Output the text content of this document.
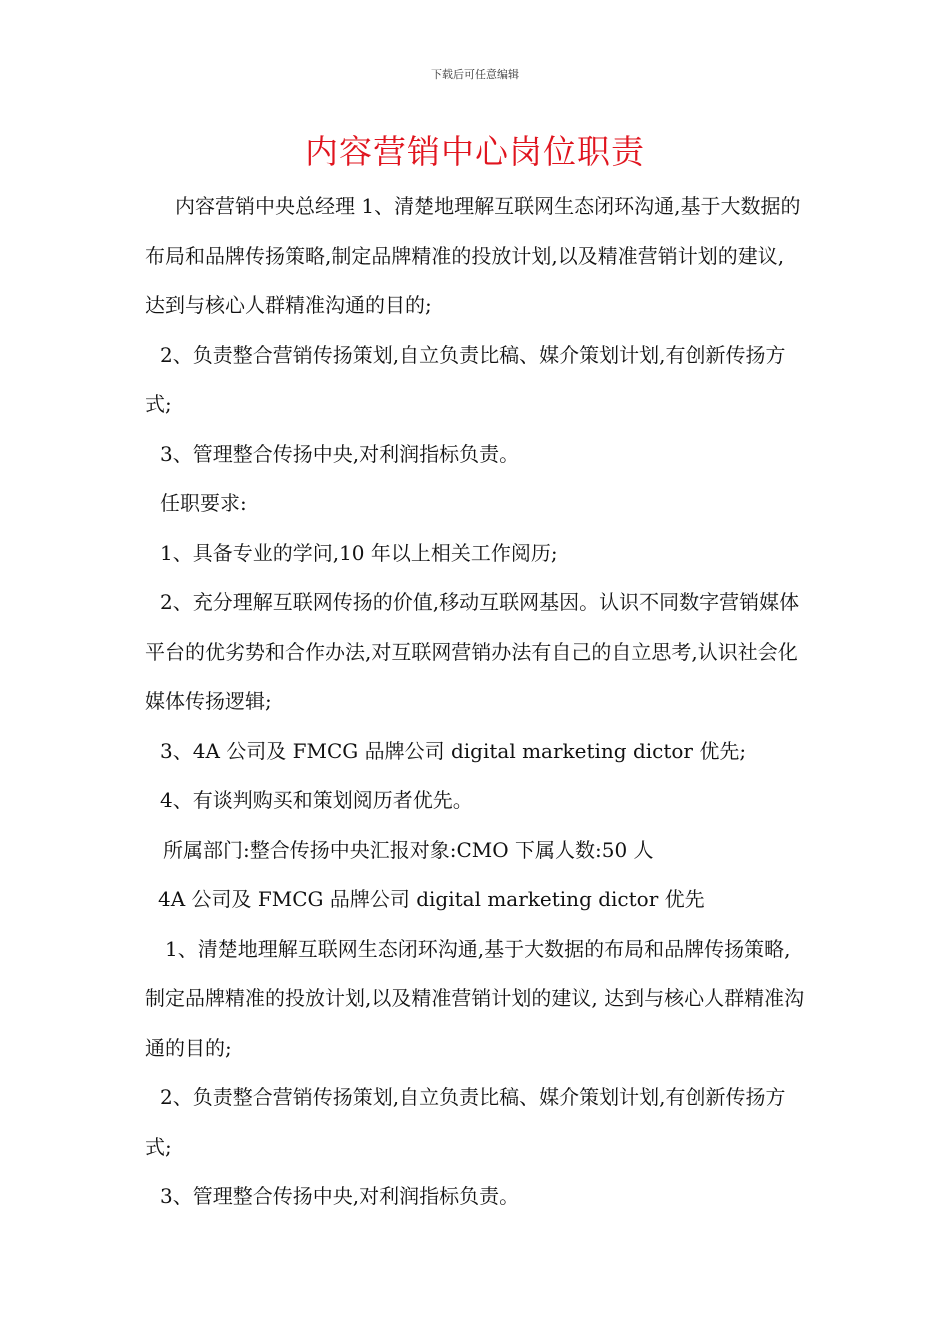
下载后可任意编辑
内容营销中心岗位职责

内容营销中央总经理 1、清楚地理解互联网生态闭环沟通,基于大数据的布局和品牌传扬策略,制定品牌精准的投放计划,以及精准营销计划的建议, 达到与核心人群精准沟通的目的;

2、负责整合营销传扬策划,自立负责比稿、媒介策划计划,有创新传扬方式;

3、管理整合传扬中央,对利润指标负责。

任职要求:

1、具备专业的学问,10 年以上相关工作阅历;

2、充分理解互联网传扬的价值,移动互联网基因。认识不同数字营销媒体平台的优劣势和合作办法,对互联网营销办法有自己的自立思考,认识社会化媒体传扬逻辑;

3、4A 公司及 FMCG 品牌公司 digital marketing dictor 优先;

4、有谈判购买和策划阅历者优先。

所属部门:整合传扬中央汇报对象:CMO 下属人数:50 人

4A 公司及 FMCG 品牌公司 digital marketing dictor 优先

1、清楚地理解互联网生态闭环沟通,基于大数据的布局和品牌传扬策略,制定品牌精准的投放计划,以及精准营销计划的建议, 达到与核心人群精准沟通的目的;

2、负责整合营销传扬策划,自立负责比稿、媒介策划计划,有创新传扬方式;

3、管理整合传扬中央,对利润指标负责。
